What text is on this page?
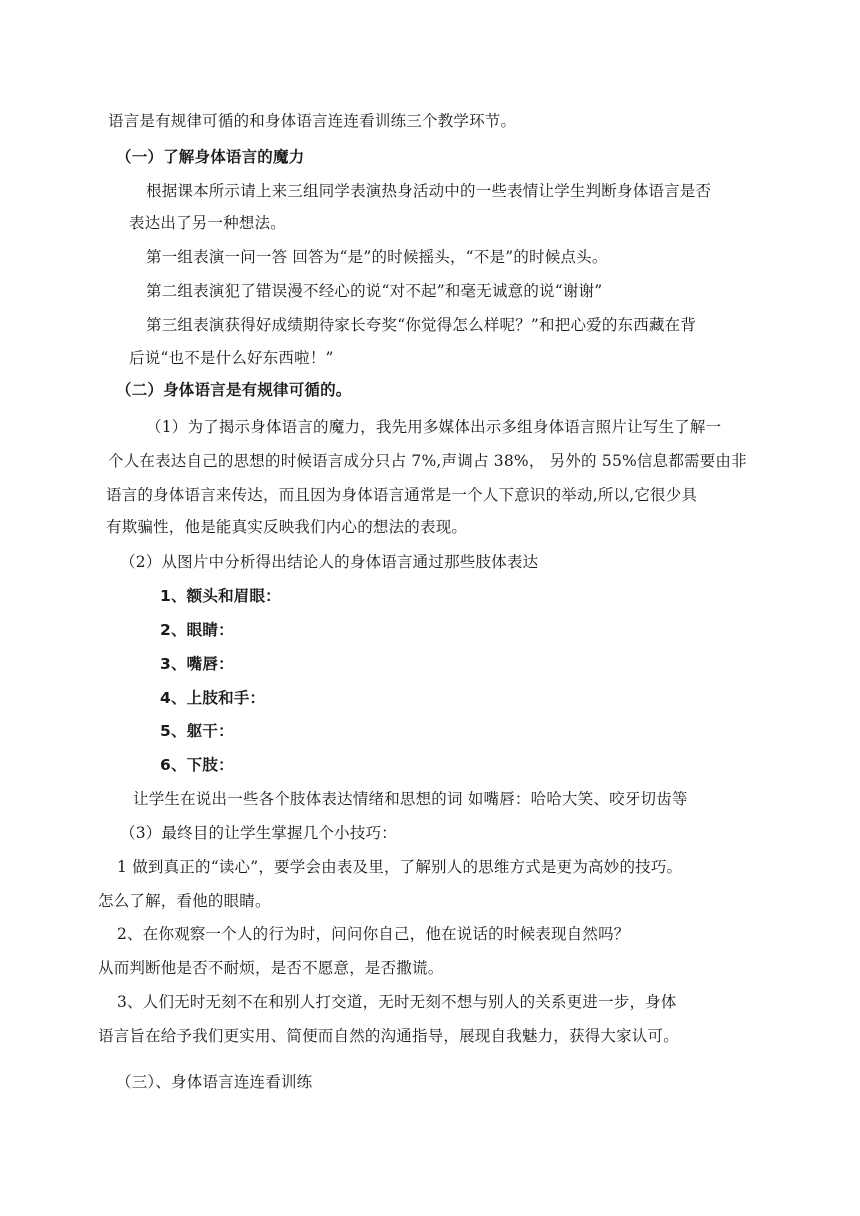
语言是有规律可循的和身体语言连连看训练三个教学环节。
（一）了解身体语言的魔力
根据课本所示请上来三组同学表演热身活动中的一些表情让学生判断身体语言是否
表达出了另一种想法。
第一组表演一问一答 回答为“是”的时候摇头，“不是”的时候点头。
第二组表演犯了错误漫不经心的说“对不起”和毫无诚意的说“谢谢”
第三组表演获得好成绩期待家长夸奖“你觉得怎么样呢？”和把心爱的东西藏在背
后说“也不是什么好东西啦！”
（二）身体语言是有规律可循的。
（1）为了揭示身体语言的魔力，我先用多媒体出示多组身体语言照片让写生了解一
个人在表达自己的思想的时候语言成分只占 7%,声调占 38%， 另外的 55%信息都需要由非
语言的身体语言来传达，而且因为身体语言通常是一个人下意识的举动,所以,它很少具
有欺骗性，他是能真实反映我们内心的想法的表现。
（2）从图片中分析得出结论人的身体语言通过那些肢体表达
1、额头和眉眼：
2、眼睛：
3、嘴唇：
4、上肢和手：
5、躯干：
6、下肢：
让学生在说出一些各个肢体表达情绪和思想的词 如嘴唇：哈哈大笑、咬牙切齿等
（3）最终目的让学生掌握几个小技巧：
1 做到真正的“读心”，要学会由表及里，了解别人的思维方式是更为高妙的技巧。
怎么了解，看他的眼睛。
2、在你观察一个人的行为时，问问你自己，他在说话的时候表现自然吗？
从而判断他是否不耐烦，是否不愿意，是否撒谎。
3、人们无时无刻不在和别人打交道，无时无刻不想与别人的关系更进一步，身体
语言旨在给予我们更实用、简便而自然的沟通指导，展现自我魅力，获得大家认可。
（三）、身体语言连连看训练
